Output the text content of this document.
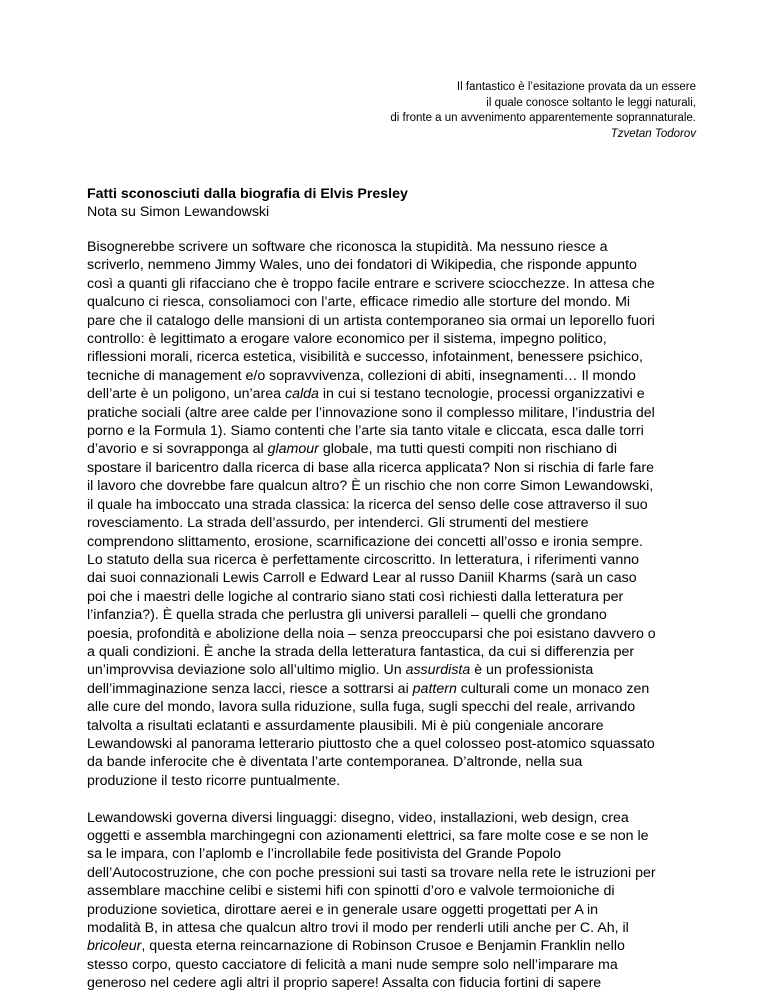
Il fantastico è l’esitazione provata da un essere
il quale conosce soltanto le leggi naturali,
di fronte a un avvenimento apparentemente soprannaturale.
Tzvetan Todorov

Fatti sconosciuti dalla biografia di Elvis Presley

Nota su Simon Lewandowski

Bisognerebbe scrivere un software che riconosca la stupidità. Ma nessuno riesce a
scriverlo, nemmeno Jimmy Wales, uno dei fondatori di Wikipedia, che risponde appunto
così a quanti gli rifacciano che è troppo facile entrare e scrivere sciocchezze. In attesa che
qualcuno ci riesca, consoliamoci con l’arte, efficace rimedio alle storture del mondo. Mi
pare che il catalogo delle mansioni di un artista contemporaneo sia ormai un leporello fuori
controllo: è legittimato a erogare valore economico per il sistema, impegno politico,
riflessioni morali, ricerca estetica, visibilità e successo, infotainment, benessere psichico,
tecniche di management e/o sopravvivenza, collezioni di abiti, insegnamenti… Il mondo
dell’arte è un poligono, un’area calda in cui si testano tecnologie, processi organizzativi e
pratiche sociali (altre aree calde per l’innovazione sono il complesso militare, l’industria del
porno e la Formula 1). Siamo contenti che l’arte sia tanto vitale e cliccata, esca dalle torri
d’avorio e si sovrapponga al glamour globale, ma tutti questi compiti non rischiano di
spostare il baricentro dalla ricerca di base alla ricerca applicata? Non si rischia di farle fare
il lavoro che dovrebbe fare qualcun altro? È un rischio che non corre Simon Lewandowski,
il quale ha imboccato una strada classica: la ricerca del senso delle cose attraverso il suo
rovesciamento. La strada dell’assurdo, per intenderci. Gli strumenti del mestiere
comprendono slittamento, erosione, scarnificazione dei concetti all’osso e ironia sempre.
Lo statuto della sua ricerca è perfettamente circoscritto. In letteratura, i riferimenti vanno
dai suoi connazionali Lewis Carroll e Edward Lear al russo Daniil Kharms (sarà un caso
poi che i maestri delle logiche al contrario siano stati così richiesti dalla letteratura per
l’infanzia?). È quella strada che perlustra gli universi paralleli – quelli che grondano
poesia, profondità e abolizione della noia – senza preoccuparsi che poi esistano davvero o
a quali condizioni. È anche la strada della letteratura fantastica, da cui si differenzia per
un’improvvisa deviazione solo all’ultimo miglio. Un assurdista è un professionista
dell’immaginazione senza lacci, riesce a sottrarsi ai pattern culturali come un monaco zen
alle cure del mondo, lavora sulla riduzione, sulla fuga, sugli specchi del reale, arrivando
talvolta a risultati eclatanti e assurdamente plausibili. Mi è più congeniale ancorare
Lewandowski al panorama letterario piuttosto che a quel colosseo post-atomico squassato
da bande inferocite che è diventata l’arte contemporanea. D’altronde, nella sua
produzione il testo ricorre puntualmente.
Lewandowski governa diversi linguaggi: disegno, video, installazioni, web design, crea
oggetti e assembla marchingegni con azionamenti elettrici, sa fare molte cose e se non le
sa le impara, con l’aplomb e l’incrollabile fede positivista del Grande Popolo
dell’Autocostruzione, che con poche pressioni sui tasti sa trovare nella rete le istruzioni per
assemblare macchine celibi e sistemi hifi con spinotti d’oro e valvole termoioniche di
produzione sovietica, dirottare aerei e in generale usare oggetti progettati per A in
modalità B, in attesa che qualcun altro trovi il modo per renderli utili anche per C. Ah, il
bricoleur, questa eterna reincarnazione di Robinson Crusoe e Benjamin Franklin nello
stesso corpo, questo cacciatore di felicità a mani nude sempre solo nell’imparare ma
generoso nel cedere agli altri il proprio sapere! Assalta con fiducia fortini di sapere
